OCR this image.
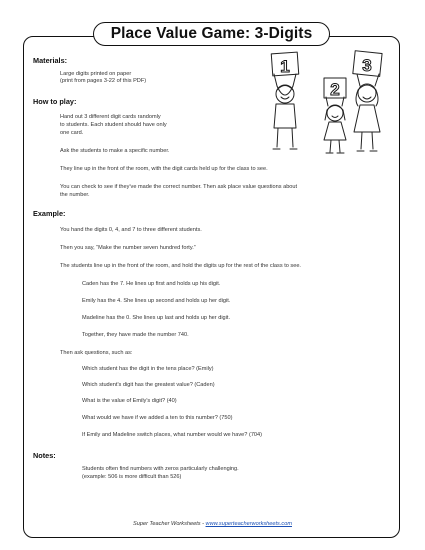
Place Value Game: 3-Digits
Materials:
Large digits printed on paper
(print from pages 3-22 of this PDF)
How to play:
Hand out 3 different digit cards randomly
to students. Each student should have only
one card.
Ask the students to make a specific number.
They line up in the front of the room, with the digit cards held up for the class to see.
You can check to see if they've made the correct number. Then ask place value questions about
the number.
Example:
You hand the digits 0, 4, and 7 to three different students.
Then you say, “Make the number seven hundred forty.”
The students line up in the front of the room, and hold the digits up for the rest of the class to see.
Caden has the 7. He lines up first and holds up his digit.
Emily has the 4. She lines up second and holds up her digit.
Madeline has the 0. She lines up last and holds up her digit.
Together, they have made the number 740.
Then ask questions, such as:
Which student has the digit in the tens place? (Emily)
Which student's digit has the greatest value? (Caden)
What is the value of Emily's digit? (40)
What would we have if we added a ten to this number? (750)
If Emily and Madeline switch places, what number would we have? (704)
Notes:
Students often find numbers with zeros particularly challenging.
(example: 506 is more difficult than 526)
1
2
3
Super Teacher Worksheets - www.superteacherworksheets.com
